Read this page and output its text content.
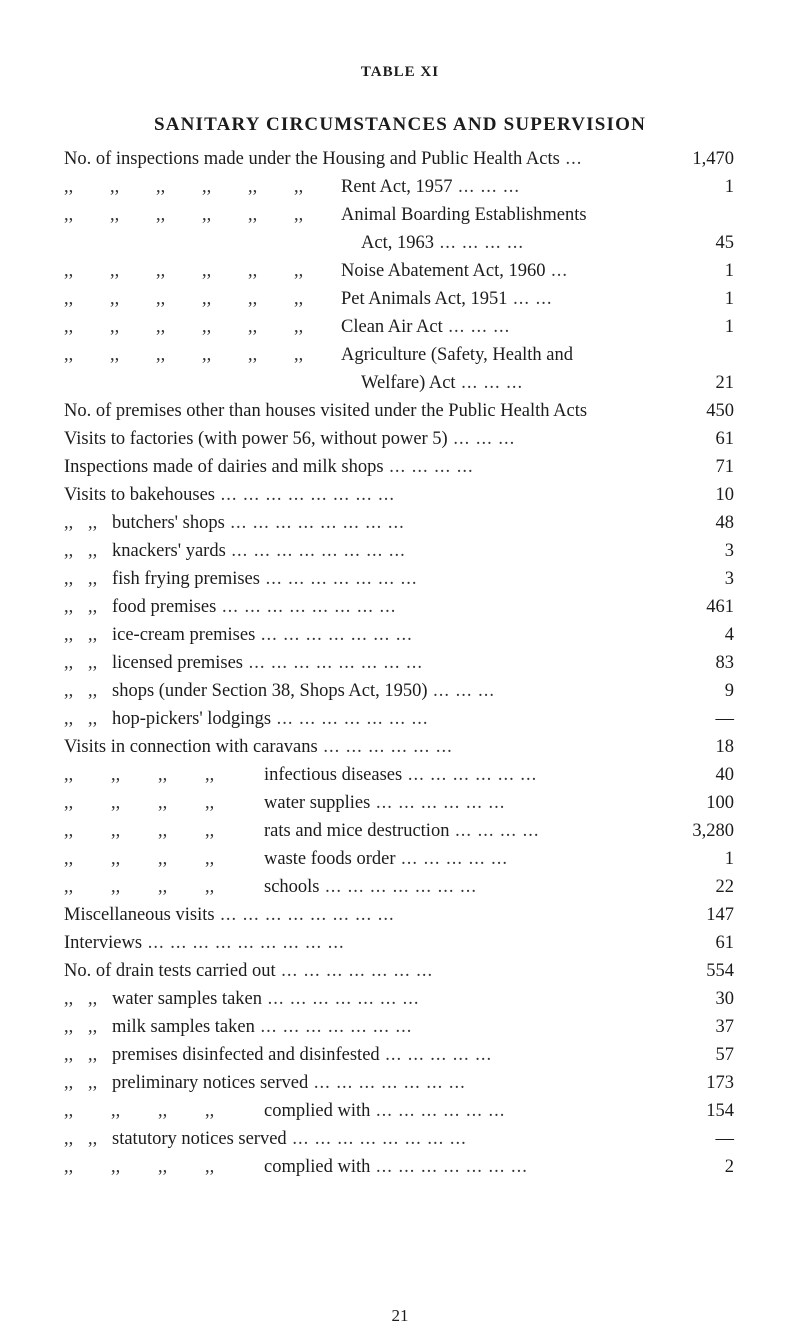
TABLE XI
SANITARY CIRCUMSTANCES AND SUPERVISION
No. of inspections made under the Housing and Public Health Acts ...	1,470
,, ,, ,, ,, ,, ,, Rent Act, 1957 ... ... ...	1
,, ,, ,, ,, ,, ,, Animal Boarding Establishments
Act, 1963 ... ... ... ...	45
,, ,, ,, ,, ,, ,, Noise Abatement Act, 1960 ...	1
,, ,, ,, ,, ,, ,, Pet Animals Act, 1951 ... ...	1
,, ,, ,, ,, ,, ,, Clean Air Act ... ... ...	1
,, ,, ,, ,, ,, ,, Agriculture (Safety, Health and
Welfare) Act ... ... ...	21
No. of premises other than houses visited under the Public Health Acts	450
Visits to factories (with power 56, without power 5) ... ... ...	61
Inspections made of dairies and milk shops ... ... ... ...	71
Visits to bakehouses ... ... ... ... ... ... ... ...	10
,, ,, butchers' shops ... ... ... ... ... ... ... ...	48
,, ,, knackers' yards ... ... ... ... ... ... ... ...	3
,, ,, fish frying premises ... ... ... ... ... ... ...	3
,, ,, food premises ... ... ... ... ... ... ... ...	461
,, ,, ice-cream premises ... ... ... ... ... ... ...	4
,, ,, licensed premises ... ... ... ... ... ... ... ...	83
,, ,, shops (under Section 38, Shops Act, 1950) ... ... ...	9
,, ,, hop-pickers' lodgings ... ... ... ... ... ... ...	—
Visits in connection with caravans ... ... ... ... ... ...	18
,, ,, ,, ,,	infectious diseases ... ... ... ... ... ...	40
,, ,, ,, ,,	water supplies ... ... ... ... ... ...	100
,, ,, ,, ,,	rats and mice destruction ... ... ... ...	3,280
,, ,, ,, ,,	waste foods order ... ... ... ... ...	1
,, ,, ,, ,,	schools ... ... ... ... ... ... ...	22
Miscellaneous visits ... ... ... ... ... ... ... ...	147
Interviews ... ... ... ... ... ... ... ... ...	61
No. of drain tests carried out ... ... ... ... ... ... ...	554
,, ,, water samples taken ... ... ... ... ... ... ...	30
,, ,, milk samples taken ... ... ... ... ... ... ...	37
,, ,, premises disinfected and disinfested ... ... ... ... ...	57
,, ,, preliminary notices served ... ... ... ... ... ... ...	173
,, ,, ,, ,,	complied with ... ... ... ... ... ...	154
,, ,, statutory notices served ... ... ... ... ... ... ... ...	—
,, ,, ,, ,,	complied with ... ... ... ... ... ... ...	2
21
